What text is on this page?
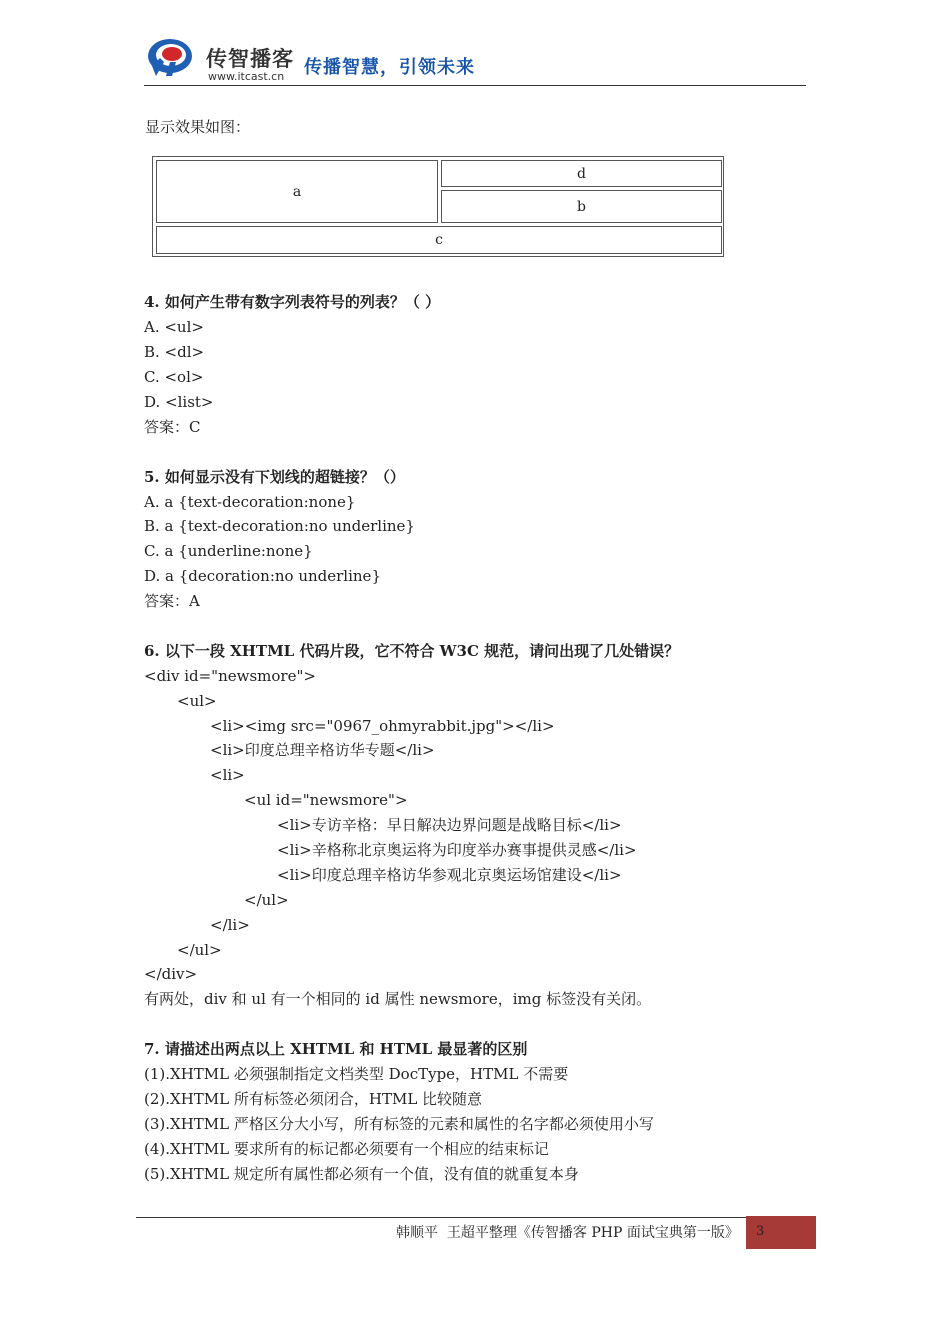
传智播客
www.itcast.cn 传播智慧，引领未来
显示效果如图：
a
d
b
c
4. 如何产生带有数字列表符号的列表？（ ）
A. <ul>
B. <dl>
C. <ol>
D. <list>
答案：C
5. 如何显示没有下划线的超链接？（）
A. a {text-decoration:none}
B. a {text-decoration:no underline}
C. a {underline:none}
D. a {decoration:no underline}
答案：A
6. 以下一段 XHTML 代码片段，它不符合 W3C 规范，请问出现了几处错误？
<div id="newsmore">
<ul>
<li><img src="0967_ohmyrabbit.jpg"></li>
<li>印度总理辛格访华专题</li>
<li>
<ul id="newsmore">
<li>专访辛格：早日解决边界问题是战略目标</li>
<li>辛格称北京奥运将为印度举办赛事提供灵感</li>
<li>印度总理辛格访华参观北京奥运场馆建设</li>
</ul>
</li>
</ul>
</div>
有两处，div 和 ul 有一个相同的 id 属性 newsmore，img 标签没有关闭。
7. 请描述出两点以上 XHTML 和 HTML 最显著的区别
(1).XHTML 必须强制指定文档类型 DocType，HTML 不需要
(2).XHTML 所有标签必须闭合，HTML 比较随意
(3).XHTML 严格区分大小写，所有标签的元素和属性的名字都必须使用小写
(4).XHTML 要求所有的标记都必须要有一个相应的结束标记
(5).XHTML 规定所有属性都必须有一个值，没有值的就重复本身
韩顺平  王超平整理《传智播客 PHP 面试宝典第一版》 3
